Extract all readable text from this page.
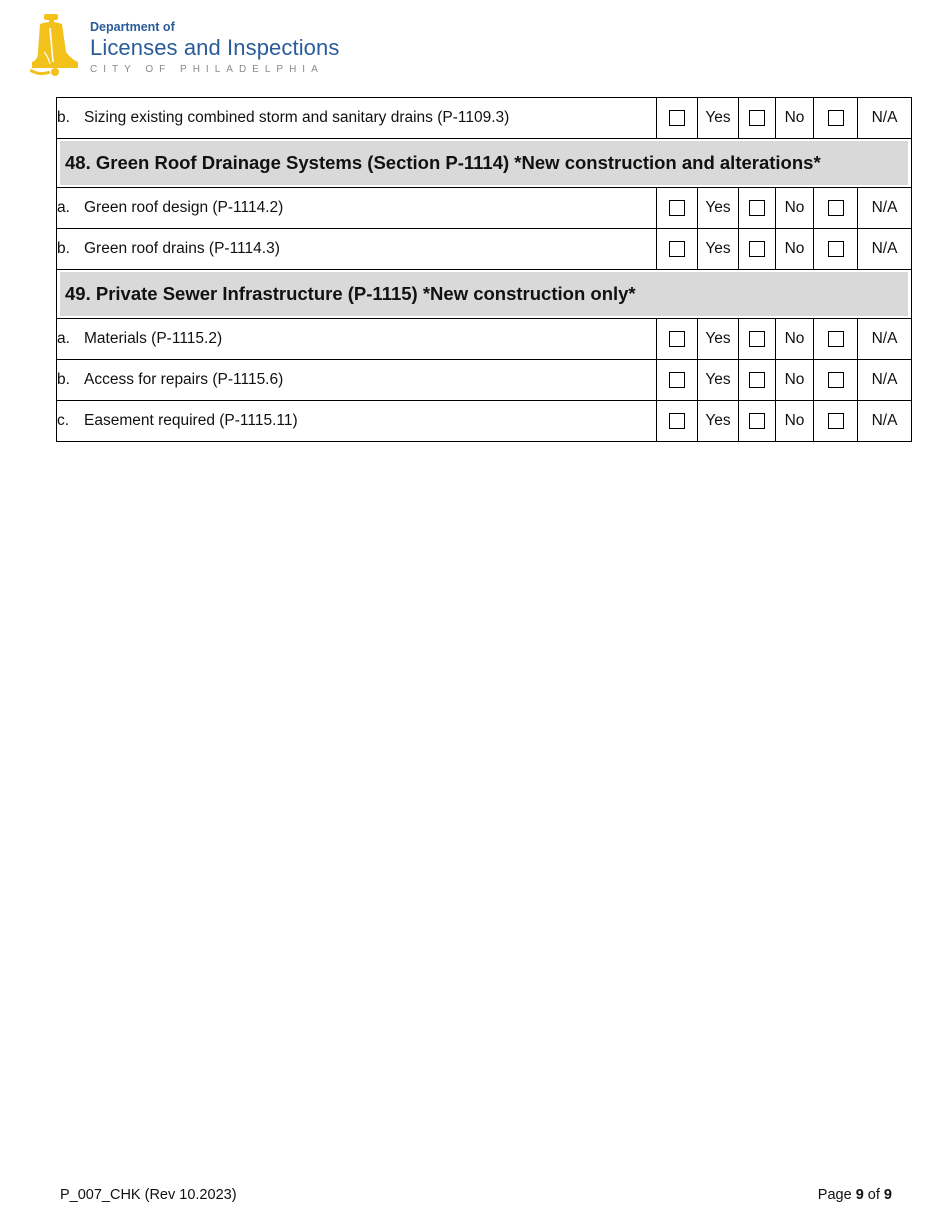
Department of
Licenses and Inspections
CITY OF PHILADELPHIA
b. Sizing existing combined storm and sanitary drains (P-1109.3)		Yes		No		N/A

48. Green Roof Drainage Systems (Section P-1114) *New construction and alterations*						

a. Green roof design (P-1114.2)		Yes		No		N/A
b. Green roof drains (P-1114.3)		Yes		No		N/A

49. Private Sewer Infrastructure (P-1115) *New construction only*						

a. Materials (P-1115.2)		Yes		No		N/A
b. Access for repairs (P-1115.6)		Yes		No		N/A
c. Easement required (P-1115.11)		Yes		No		N/A
P_007_CHK (Rev 10.2023)	Page 9 of 9
